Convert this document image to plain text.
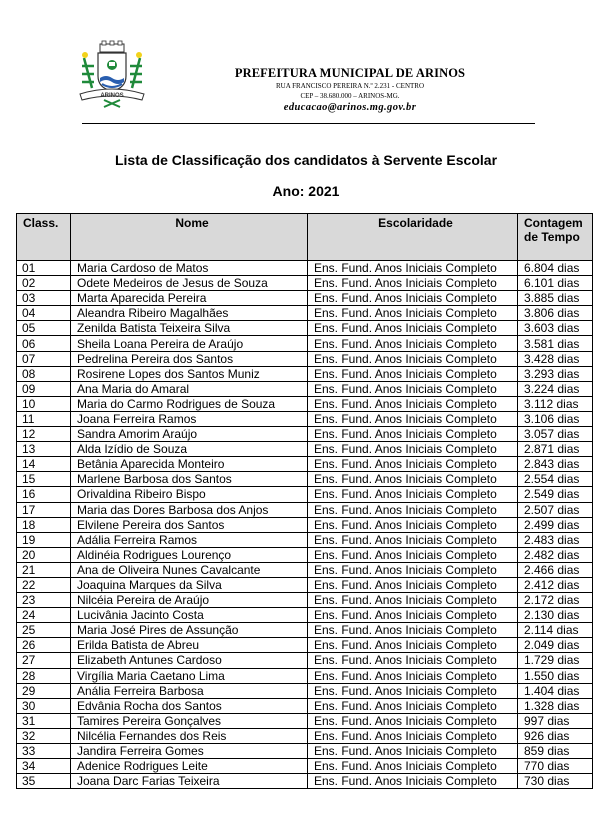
ARINOS
PREFEITURA MUNICIPAL DE ARINOS
RUA FRANCISCO PEREIRA N.º 2.231 - CENTRO
CEP – 38.680.000 – ARINOS-MG.
educacao@arinos.mg.gov.br
Lista de Classificação dos candidatos à Servente Escolar
Ano: 2021
Class.	Nome	Escolaridade	Contagem de Tempo
01	Maria Cardoso de Matos	Ens. Fund. Anos Iniciais Completo	6.804 dias
02	Odete Medeiros de Jesus de Souza	Ens. Fund. Anos Iniciais Completo	6.101 dias
03	Marta Aparecida Pereira	Ens. Fund. Anos Iniciais Completo	3.885 dias
04	Aleandra Ribeiro Magalhães	Ens. Fund. Anos Iniciais Completo	3.806 dias
05	Zenilda Batista Teixeira Silva	Ens. Fund. Anos Iniciais Completo	3.603 dias
06	Sheila Loana Pereira de Araújo	Ens. Fund. Anos Iniciais Completo	3.581 dias
07	Pedrelina Pereira dos Santos	Ens. Fund. Anos Iniciais Completo	3.428 dias
08	Rosirene Lopes dos Santos Muniz	Ens. Fund. Anos Iniciais Completo	3.293 dias
09	Ana Maria do Amaral	Ens. Fund. Anos Iniciais Completo	3.224 dias
10	Maria do Carmo Rodrigues de Souza	Ens. Fund. Anos Iniciais Completo	3.112 dias
11	Joana Ferreira Ramos	Ens. Fund. Anos Iniciais Completo	3.106 dias
12	Sandra Amorim Araújo	Ens. Fund. Anos Iniciais Completo	3.057 dias
13	Alda Izídio de Souza	Ens. Fund. Anos Iniciais Completo	2.871 dias
14	Betânia Aparecida Monteiro	Ens. Fund. Anos Iniciais Completo	2.843 dias
15	Marlene Barbosa dos Santos	Ens. Fund. Anos Iniciais Completo	2.554 dias
16	Orivaldina Ribeiro Bispo	Ens. Fund. Anos Iniciais Completo	2.549 dias
17	Maria das Dores Barbosa dos Anjos	Ens. Fund. Anos Iniciais Completo	2.507 dias
18	Elvilene Pereira dos Santos	Ens. Fund. Anos Iniciais Completo	2.499 dias
19	Adália Ferreira Ramos	Ens. Fund. Anos Iniciais Completo	2.483 dias
20	Aldinéia Rodrigues Lourenço	Ens. Fund. Anos Iniciais Completo	2.482 dias
21	Ana de Oliveira Nunes Cavalcante	Ens. Fund. Anos Iniciais Completo	2.466 dias
22	Joaquina Marques da Silva	Ens. Fund. Anos Iniciais Completo	2.412 dias
23	Nilcéia Pereira de Araújo	Ens. Fund. Anos Iniciais Completo	2.172 dias
24	Lucivânia Jacinto Costa	Ens. Fund. Anos Iniciais Completo	2.130 dias
25	Maria José Pires de Assunção	Ens. Fund. Anos Iniciais Completo	2.114 dias
26	Erilda Batista de Abreu	Ens. Fund. Anos Iniciais Completo	2.049 dias
27	Elizabeth Antunes Cardoso	Ens. Fund. Anos Iniciais Completo	1.729 dias
28	Virgília Maria Caetano Lima	Ens. Fund. Anos Iniciais Completo	1.550 dias
29	Anália Ferreira Barbosa	Ens. Fund. Anos Iniciais Completo	1.404 dias
30	Edvânia Rocha dos Santos	Ens. Fund. Anos Iniciais Completo	1.328 dias
31	Tamires Pereira Gonçalves	Ens. Fund. Anos Iniciais Completo	997 dias
32	Nilcélia Fernandes dos Reis	Ens. Fund. Anos Iniciais Completo	926 dias
33	Jandira Ferreira Gomes	Ens. Fund. Anos Iniciais Completo	859 dias
34	Adenice Rodrigues Leite	Ens. Fund. Anos Iniciais Completo	770 dias
35	Joana Darc Farias Teixeira	Ens. Fund. Anos Iniciais Completo	730 dias
